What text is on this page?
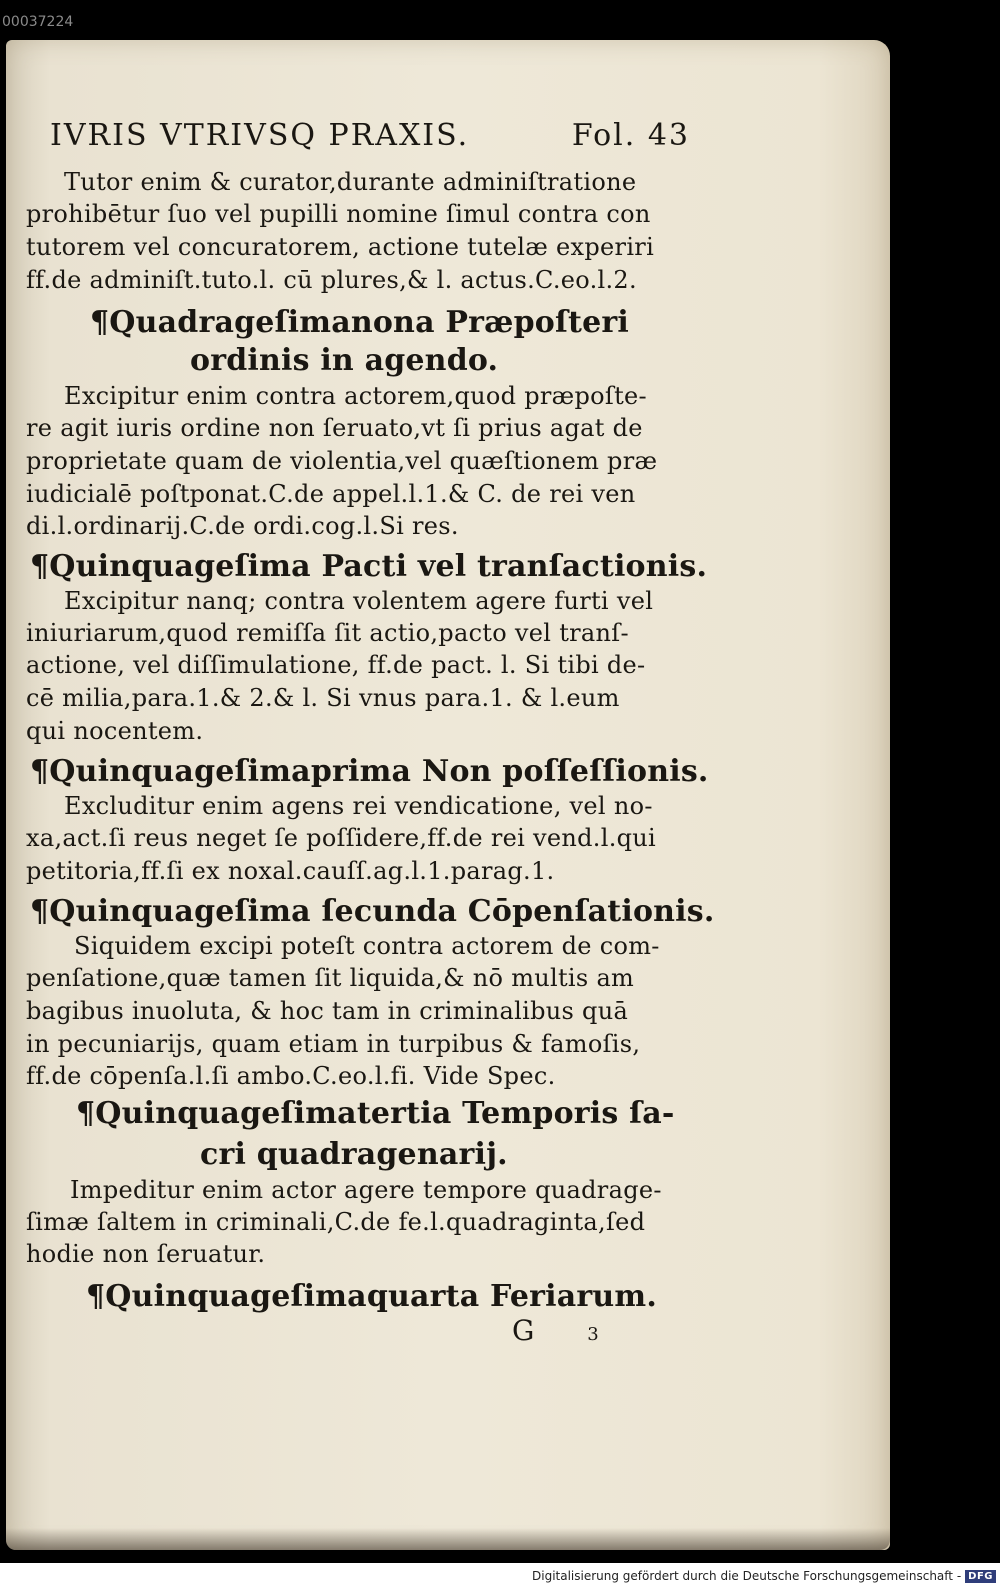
00037224
IVRIS VTRIVSQ PRAXIS.	Fol. 43
Tutor enim & curator,durante adminiſtratione
prohibētur ſuo vel pupilli nomine ſimul contra con
tutorem vel concuratorem, actione tutelæ experiri
ff.de adminiſt.tuto.l. cū plures,& l. actus.C.eo.l.2.
¶Quadrageſimanona Præpoſteri
ordinis in agendo.
Excipitur enim contra actorem,quod præpoſte-
re agit iuris ordine non ſeruato,vt ſi prius agat de
proprietate quam de violentia,vel quæſtionem præ
iudicialē poſtponat.C.de appel.l.1.& C. de rei ven
di.l.ordinarij.C.de ordi.cog.l.Si res.
¶Quinquageſima Pacti vel tranſactionis.
Excipitur nanq; contra volentem agere furti vel
iniuriarum,quod remiſſa ſit actio,pacto vel tranſ-
actione, vel diſſimulatione, ff.de pact. l. Si tibi de-
cē milia,para.1.& 2.& l. Si vnus para.1. & l.eum
qui nocentem.
¶Quinquageſimaprima Non poſſeſſionis.
Excluditur enim agens rei vendicatione, vel no-
xa,act.ſi reus neget ſe poſſidere,ff.de rei vend.l.qui
petitoria,ff.ſi ex noxal.cauſſ.ag.l.1.parag.1.
¶Quinquageſima ſecunda Cōpenſationis.
Siquidem excipi poteſt contra actorem de com-
penſatione,quæ tamen ſit liquida,& nō multis am
bagibus inuoluta, & hoc tam in criminalibus quā
in pecuniarijs, quam etiam in turpibus & famoſis,
ff.de cōpenſa.l.ſi ambo.C.eo.l.fi. Vide Spec.
¶Quinquageſimatertia Temporis ſa-
cri quadragenarij.
Impeditur enim actor agere tempore quadrage-
ſimæ ſaltem in criminali,C.de fe.l.quadraginta,ſed
hodie non ſeruatur.
¶Quinquageſimaquarta Feriarum.
G	3
Digitalisierung gefördert durch die Deutsche Forschungsgemeinschaft - DFG
